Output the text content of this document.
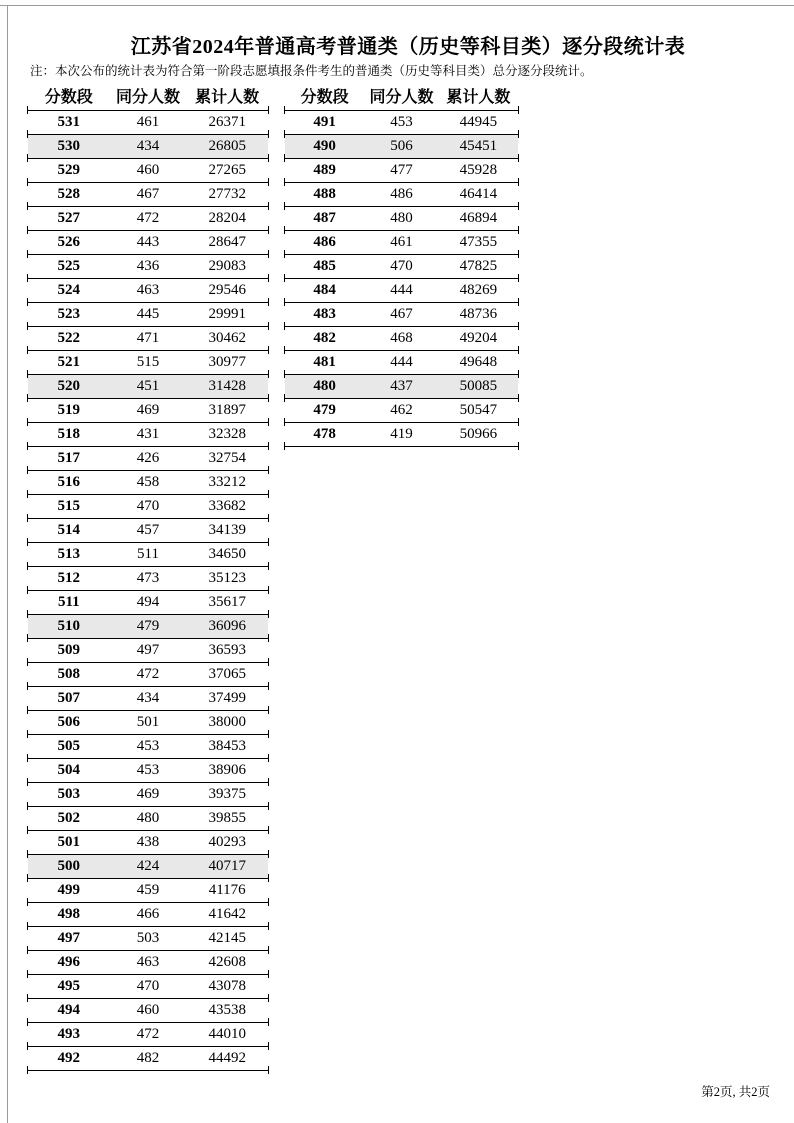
江苏省2024年普通高考普通类（历史等科目类）逐分段统计表
注：本次公布的统计表为符合第一阶段志愿填报条件考生的普通类（历史等科目类）总分逐分段统计。
分数段	同分人数 累计人数
531	461	26371
530	434	26805
529	460	27265
528	467	27732
527	472	28204
526	443	28647
525	436	29083
524	463	29546
523	445	29991
522	471	30462
521	515	30977
520	451	31428
519	469	31897
518	431	32328
517	426	32754
516	458	33212
515	470	33682
514	457	34139
513	511	34650
512	473	35123
511	494	35617
510	479	36096
509	497	36593
508	472	37065
507	434	37499
506	501	38000
505	453	38453
504	453	38906
503	469	39375
502	480	39855
501	438	40293
500	424	40717
499	459	41176
498	466	41642
497	503	42145
496	463	42608
495	470	43078
494	460	43538
493	472	44010
492	482	44492
分数段	同分人数 累计人数
491	453	44945
490	506	45451
489	477	45928
488	486	46414
487	480	46894
486	461	47355
485	470	47825
484	444	48269
483	467	48736
482	468	49204
481	444	49648
480	437	50085
479	462	50547
478	419	50966
第2页, 共2页
